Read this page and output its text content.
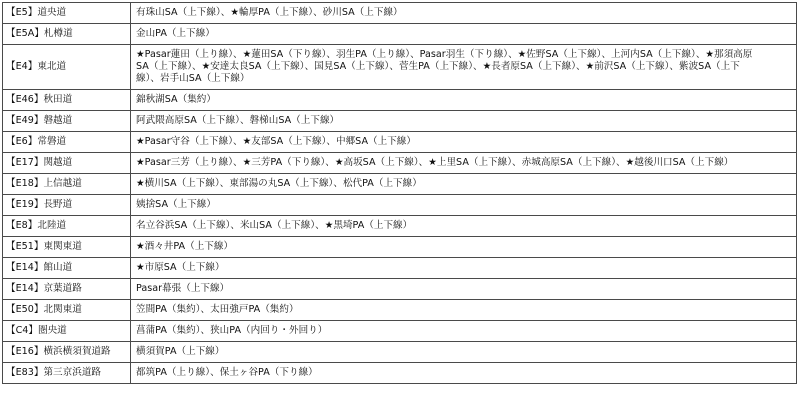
【E5】道央道	有珠山SA（上下線）、★輪厚PA（上下線）、砂川SA（上下線）
【E5A】札樽道	金山PA（上下線）
【E4】東北道	★Pasar蓮田（上り線）、★蓮田SA（下り線）、羽生PA（上り線）、Pasar羽生（下り線）、★佐野SA（上下線）、上河内SA（上下線）、★那須高原SA（上下線）、★安達太良SA（上下線）、国見SA（上下線）、菅生PA（上下線）、★長者原SA（上下線）、★前沢SA（上下線）、紫波SA（上下線）、岩手山SA（上下線）
【E46】秋田道	錦秋湖SA（集約）
【E49】磐越道	阿武隈高原SA（上下線）、磐梯山SA（上下線）
【E6】常磐道	★Pasar守谷（上下線）、★友部SA（上下線）、中郷SA（上下線）
【E17】関越道	★Pasar三芳（上り線）、★三芳PA（下り線）、★高坂SA（上下線）、★上里SA（上下線）、赤城高原SA（上下線）、★越後川口SA（上下線）
【E18】上信越道	★横川SA（上下線）、東部湯の丸SA（上下線）、松代PA（上下線）
【E19】長野道	姨捨SA（上下線）
【E8】北陸道	名立谷浜SA（上下線）、米山SA（上下線）、★黒埼PA（上下線）
【E51】東関東道	★酒々井PA（上下線）
【E14】館山道	★市原SA（上下線）
【E14】京葉道路	Pasar幕張（上下線）
【E50】北関東道	笠間PA（集約）、太田強戸PA（集約）
【C4】圏央道	菖蒲PA（集約）、狭山PA（内回り・外回り）
【E16】横浜横須賀道路	横須賀PA（上下線）
【E83】第三京浜道路	都筑PA（上り線）、保土ヶ谷PA（下り線）
